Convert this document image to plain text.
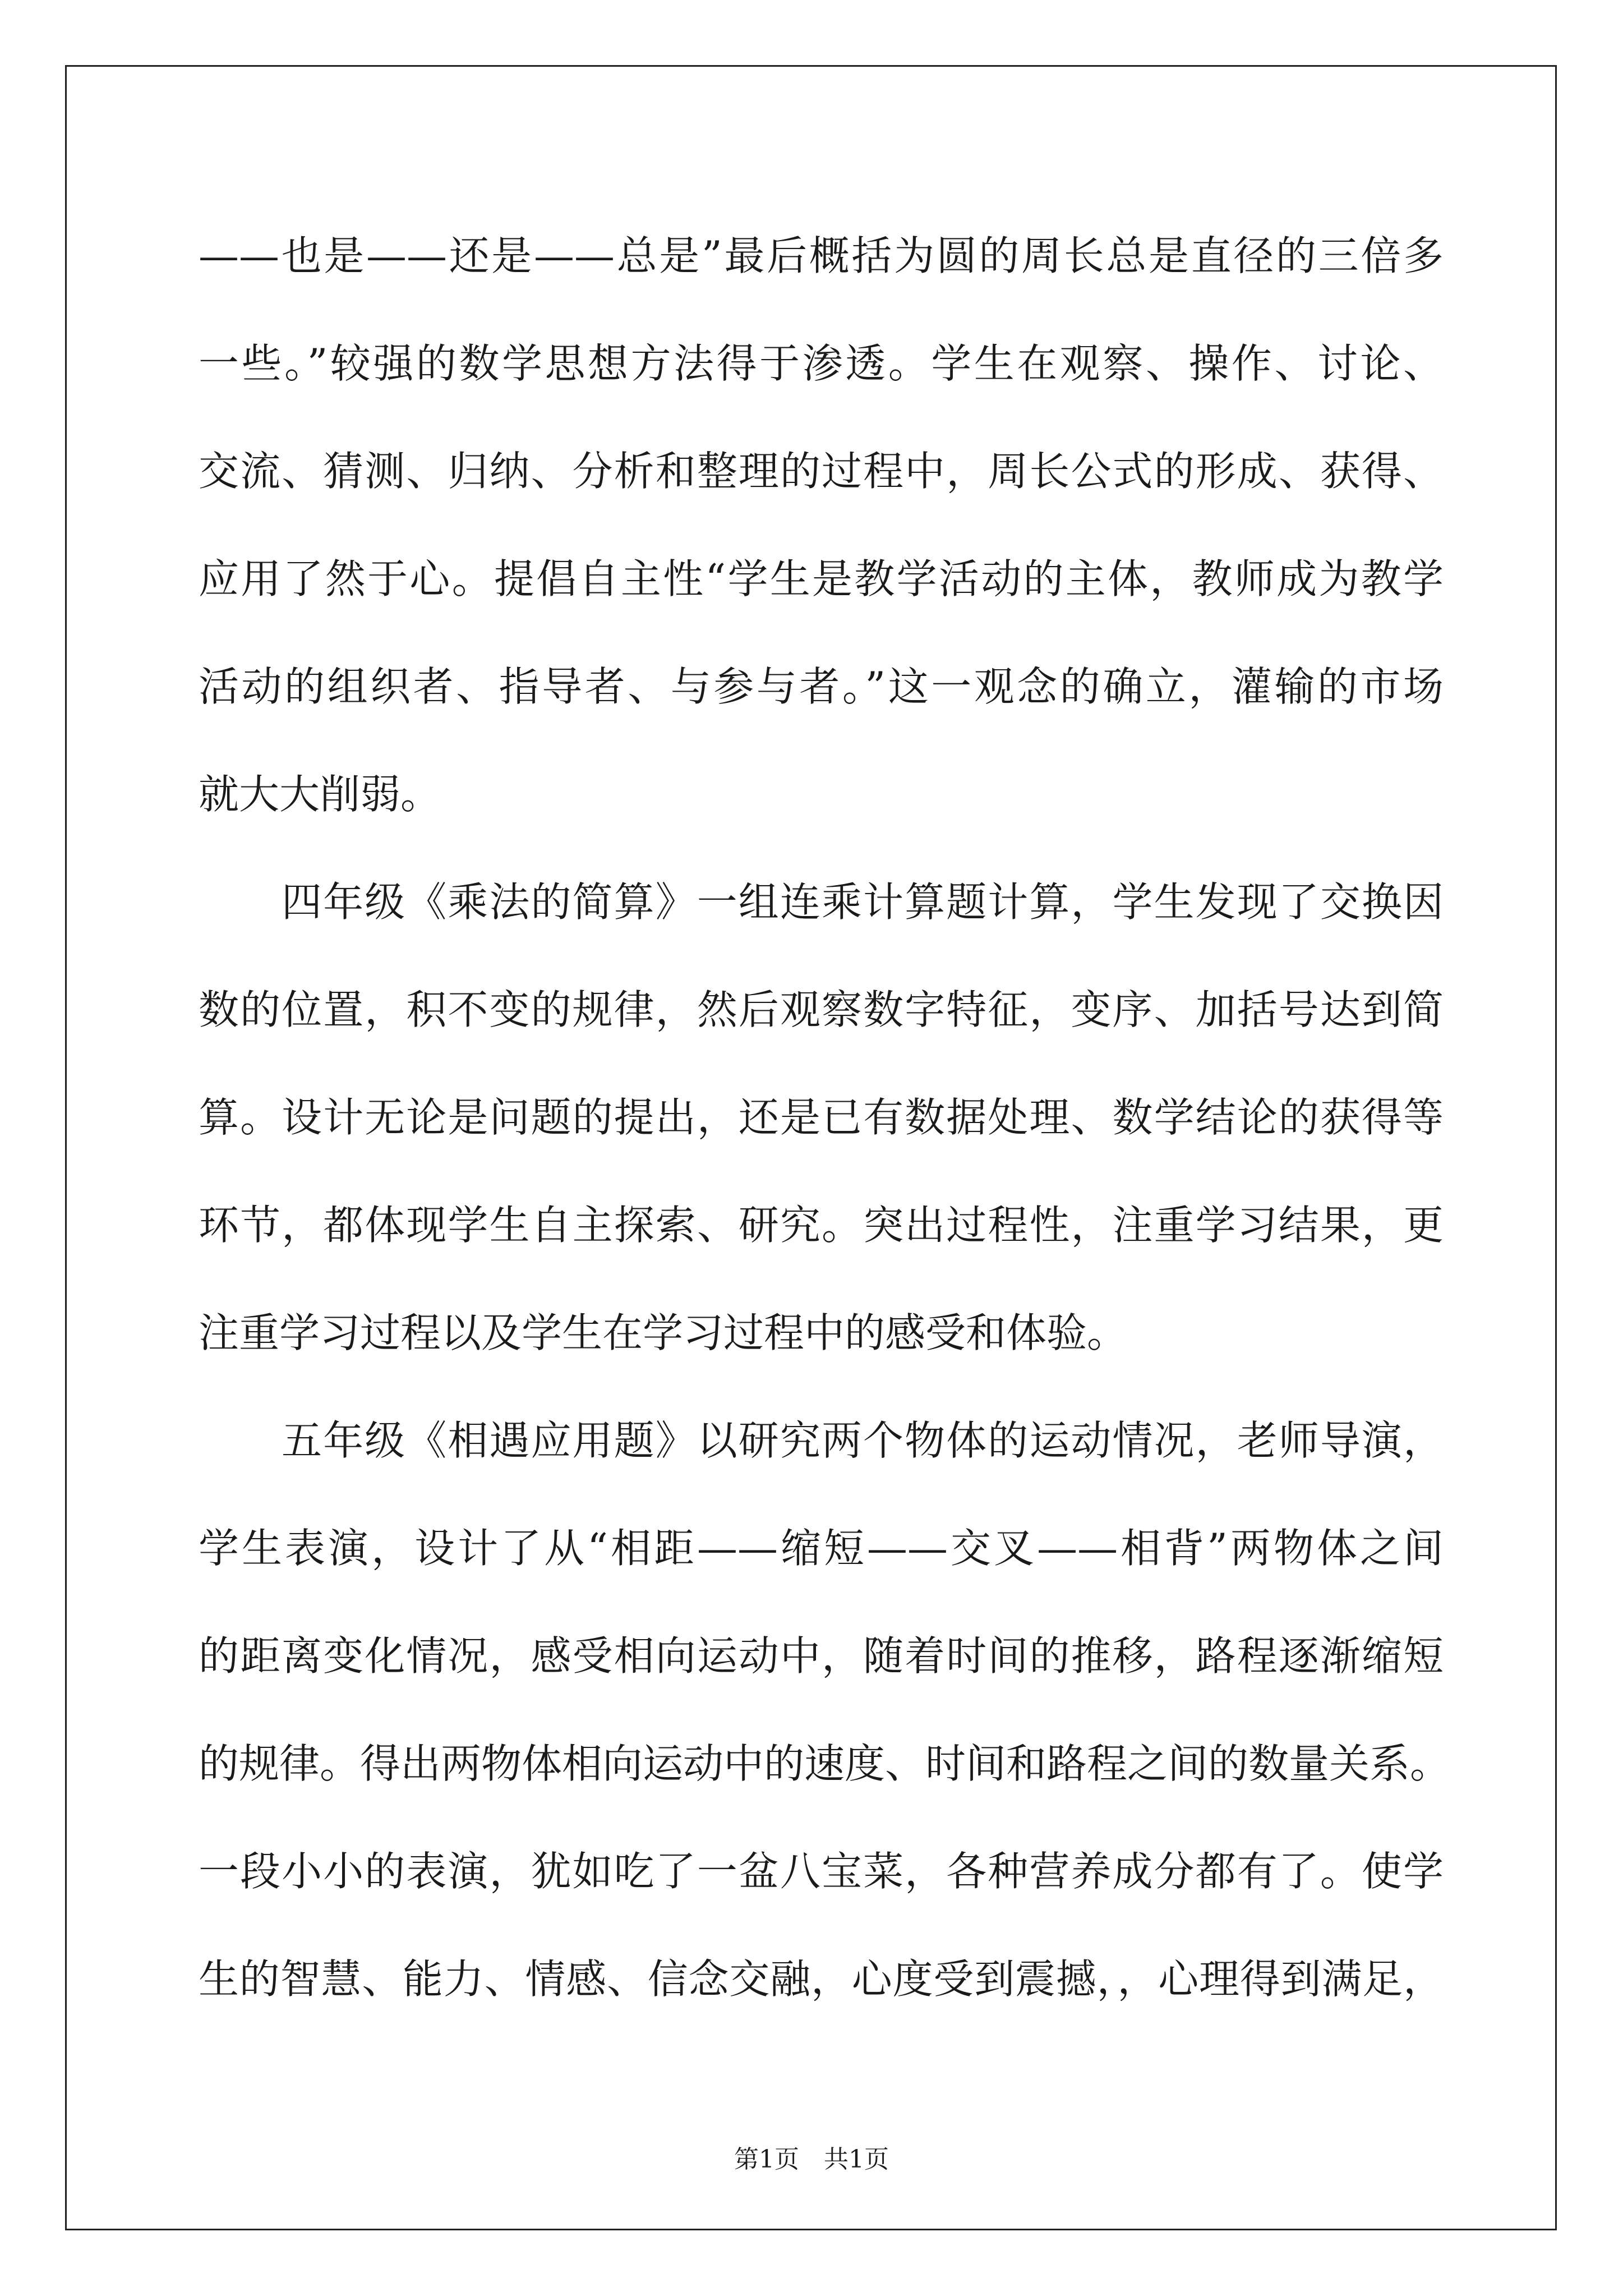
——也是——还是——总是”最后概括为圆的周长总是直径的三倍多
一些。”较强的数学思想方法得于渗透。学生在观察、操作、讨论、
交流、猜测、归纳、分析和整理的过程中，周长公式的形成、获得、
应用了然于心。提倡自主性“学生是教学活动的主体，教师成为教学
活动的组织者、指导者、与参与者。”这一观念的确立，灌输的市场
就大大削弱。
四年级《乘法的简算》一组连乘计算题计算，学生发现了交换因
数的位置，积不变的规律，然后观察数字特征，变序、加括号达到简
算。设计无论是问题的提出，还是已有数据处理、数学结论的获得等
环节，都体现学生自主探索、研究。突出过程性，注重学习结果，更
注重学习过程以及学生在学习过程中的感受和体验。
五年级《相遇应用题》以研究两个物体的运动情况，老师导演，
学生表演，设计了从“相距——缩短——交叉——相背”两物体之间
的距离变化情况，感受相向运动中，随着时间的推移，路程逐渐缩短
的规律。得出两物体相向运动中的速度、时间和路程之间的数量关系。
一段小小的表演，犹如吃了一盆八宝菜，各种营养成分都有了。使学
生的智慧、能力、情感、信念交融，心度受到震撼，，心理得到满足，
第1页 共1页
